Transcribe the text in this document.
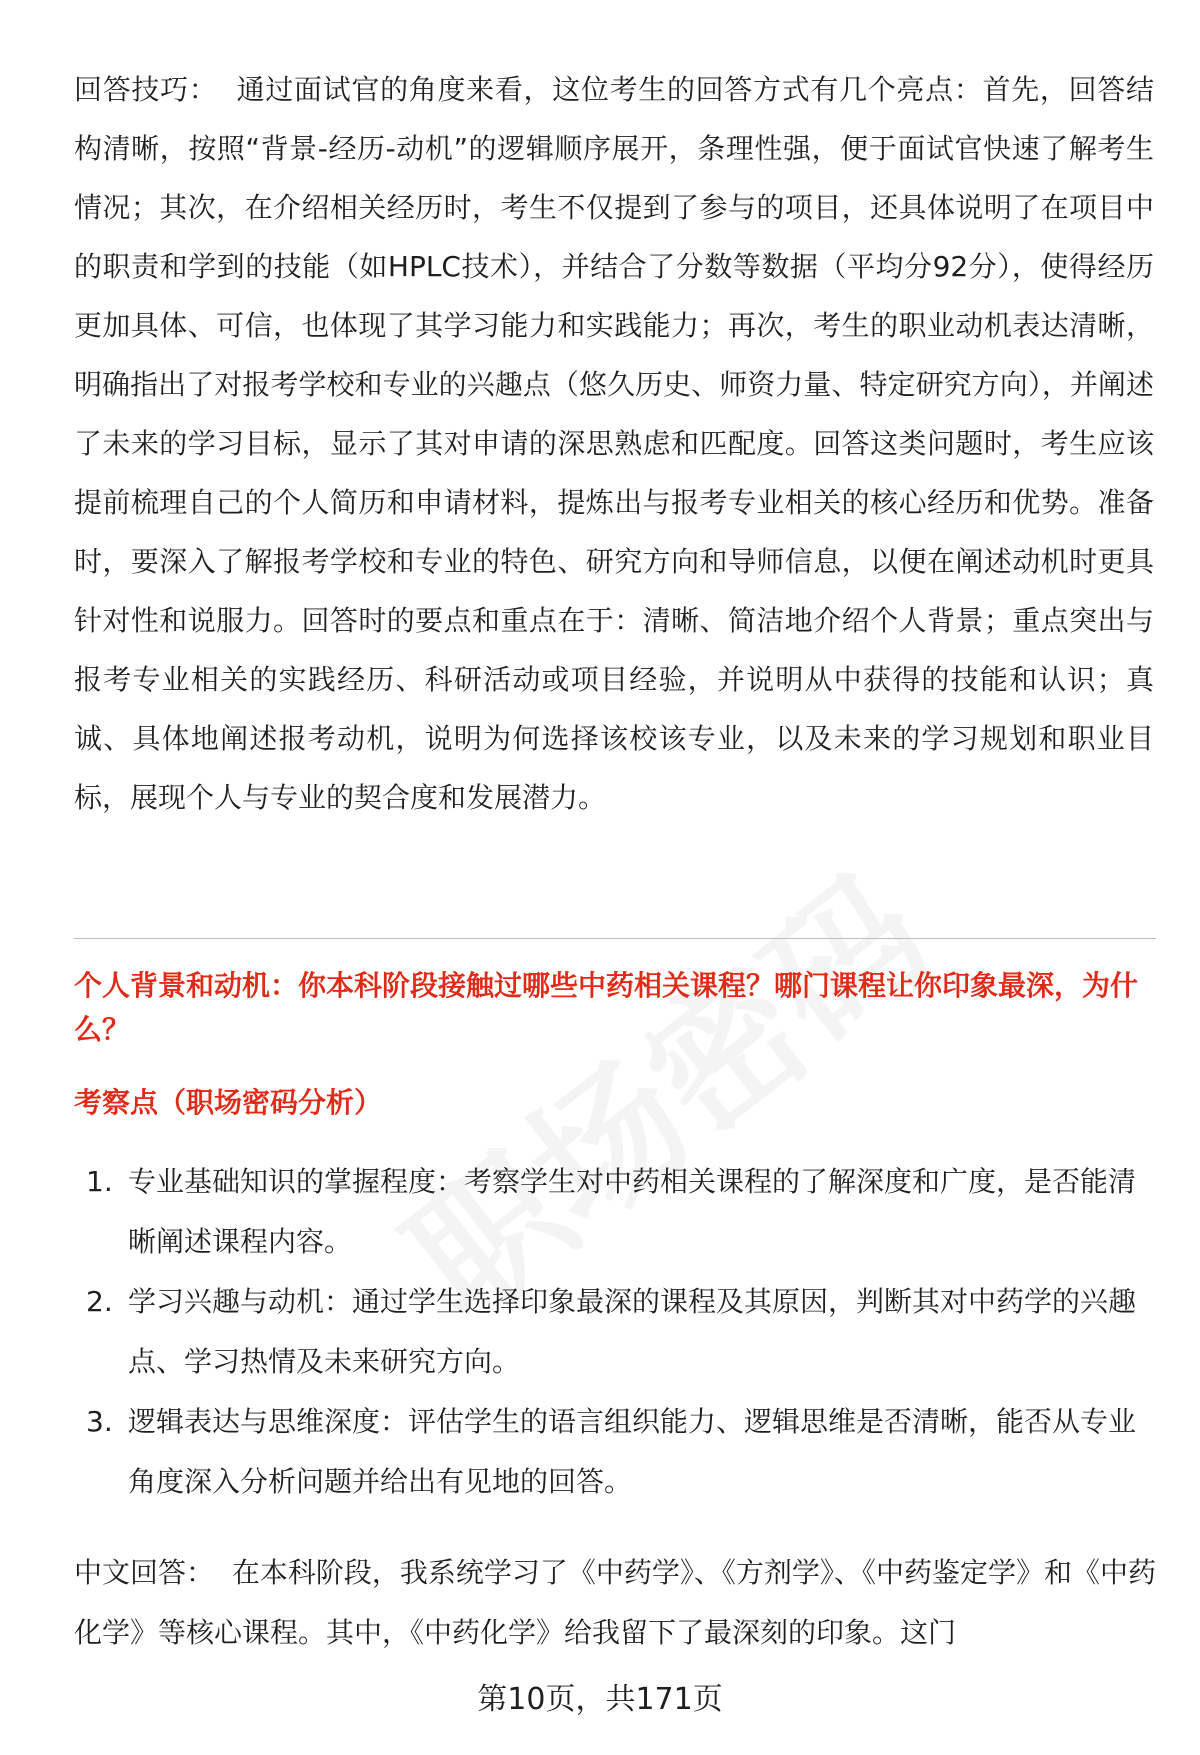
回答技巧： 通过面试官的角度来看，这位考生的回答方式有几个亮点：首先，回答结构清晰，按照“背景-经历-动机”的逻辑顺序展开，条理性强，便于面试官快速了解考生情况；其次，在介绍相关经历时，考生不仅提到了参与的项目，还具体说明了在项目中的职责和学到的技能（如HPLC技术），并结合了分数等数据（平均分92分），使得经历更加具体、可信，也体现了其学习能力和实践能力；再次，考生的职业动机表达清晰，明确指出了对报考学校和专业的兴趣点（悠久历史、师资力量、特定研究方向），并阐述了未来的学习目标，显示了其对申请的深思熟虑和匹配度。回答这类问题时，考生应该提前梳理自己的个人简历和申请材料，提炼出与报考专业相关的核心经历和优势。准备时，要深入了解报考学校和专业的特色、研究方向和导师信息，以便在阐述动机时更具针对性和说服力。回答时的要点和重点在于：清晰、简洁地介绍个人背景；重点突出与报考专业相关的实践经历、科研活动或项目经验，并说明从中获得的技能和认识；真诚、具体地阐述报考动机，说明为何选择该校该专业，以及未来的学习规划和职业目标，展现个人与专业的契合度和发展潜力。

个人背景和动机：你本科阶段接触过哪些中药相关课程？哪门课程让你印象最深，为什么？

考察点（职场密码分析）

1. 专业基础知识的掌握程度：考察学生对中药相关课程的了解深度和广度，是否能清晰阐述课程内容。
2. 学习兴趣与动机：通过学生选择印象最深的课程及其原因，判断其对中药学的兴趣点、学习热情及未来研究方向。
3. 逻辑表达与思维深度：评估学生的语言组织能力、逻辑思维是否清晰，能否从专业角度深入分析问题并给出有见地的回答。

中文回答： 在本科阶段，我系统学习了《中药学》、《方剂学》、《中药鉴定学》和《中药化学》等核心课程。其中，《中药化学》给我留下了最深刻的印象。这门

第10页，共171页
